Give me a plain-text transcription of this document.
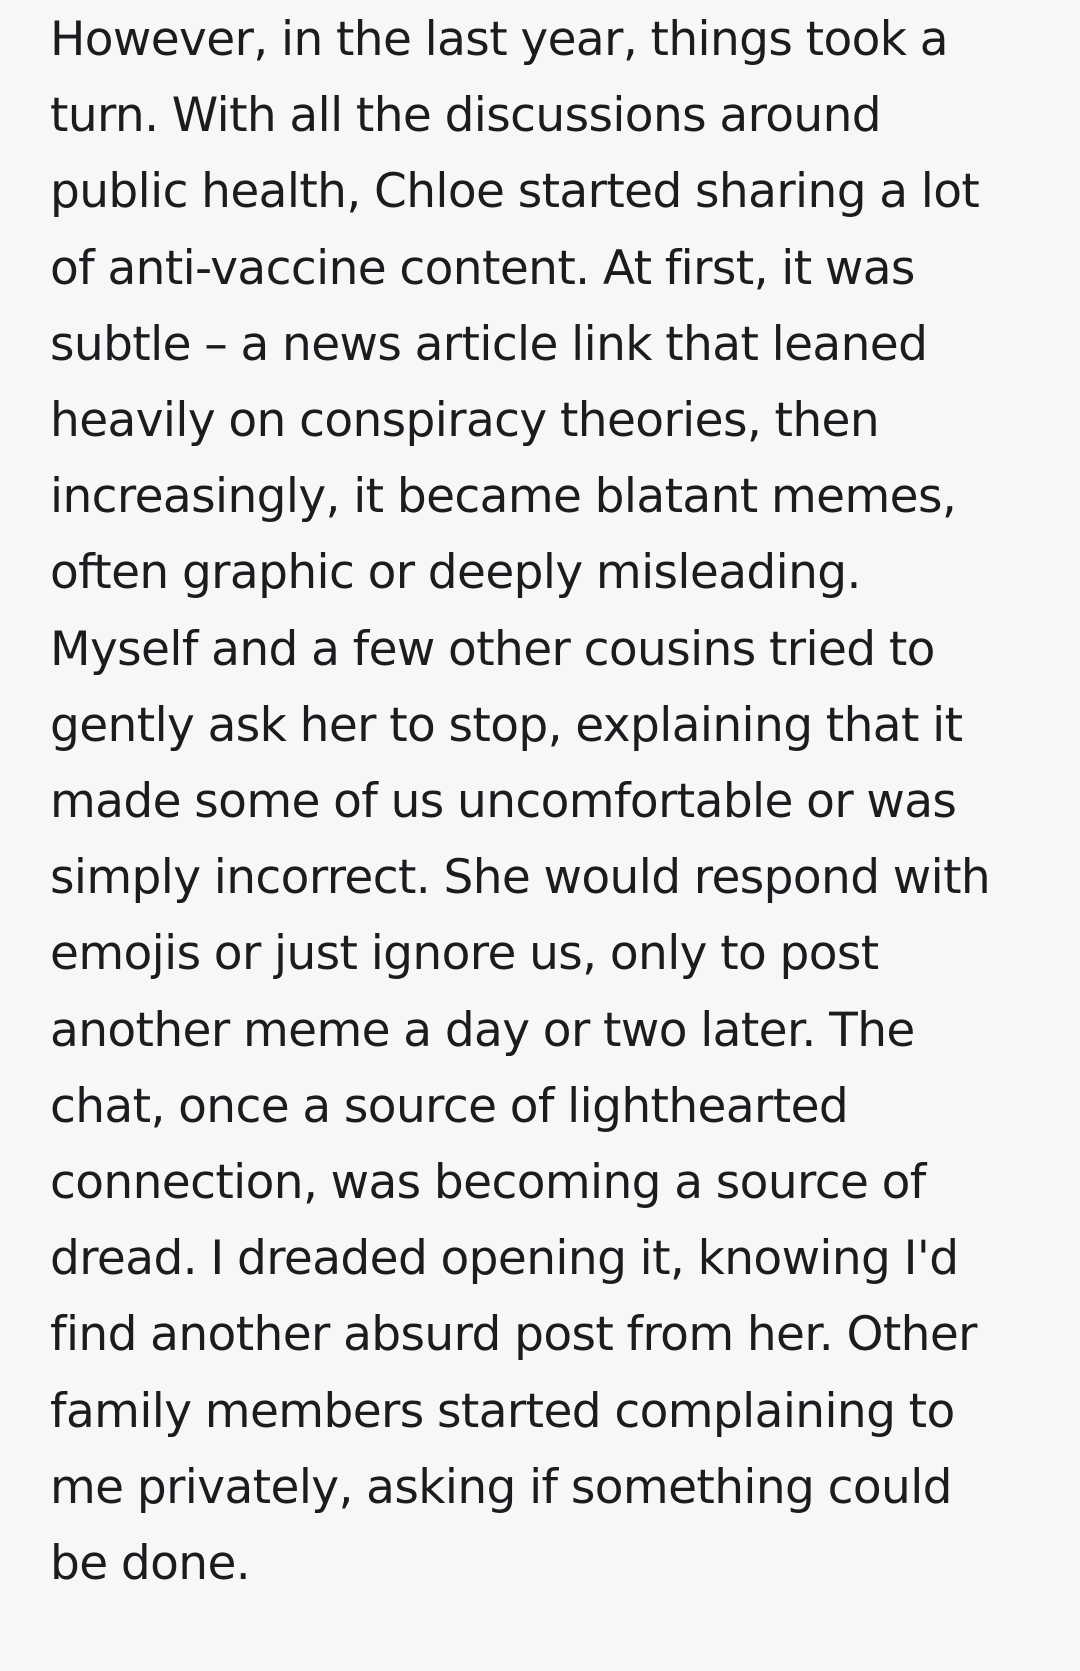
However, in the last year, things took a
turn. With all the discussions around
public health, Chloe started sharing a lot
of anti-vaccine content. At first, it was
subtle – a news article link that leaned
heavily on conspiracy theories, then
increasingly, it became blatant memes,
often graphic or deeply misleading.
Myself and a few other cousins tried to
gently ask her to stop, explaining that it
made some of us uncomfortable or was
simply incorrect. She would respond with
emojis or just ignore us, only to post
another meme a day or two later. The
chat, once a source of lighthearted
connection, was becoming a source of
dread. I dreaded opening it, knowing I'd
find another absurd post from her. Other
family members started complaining to
me privately, asking if something could
be done.
